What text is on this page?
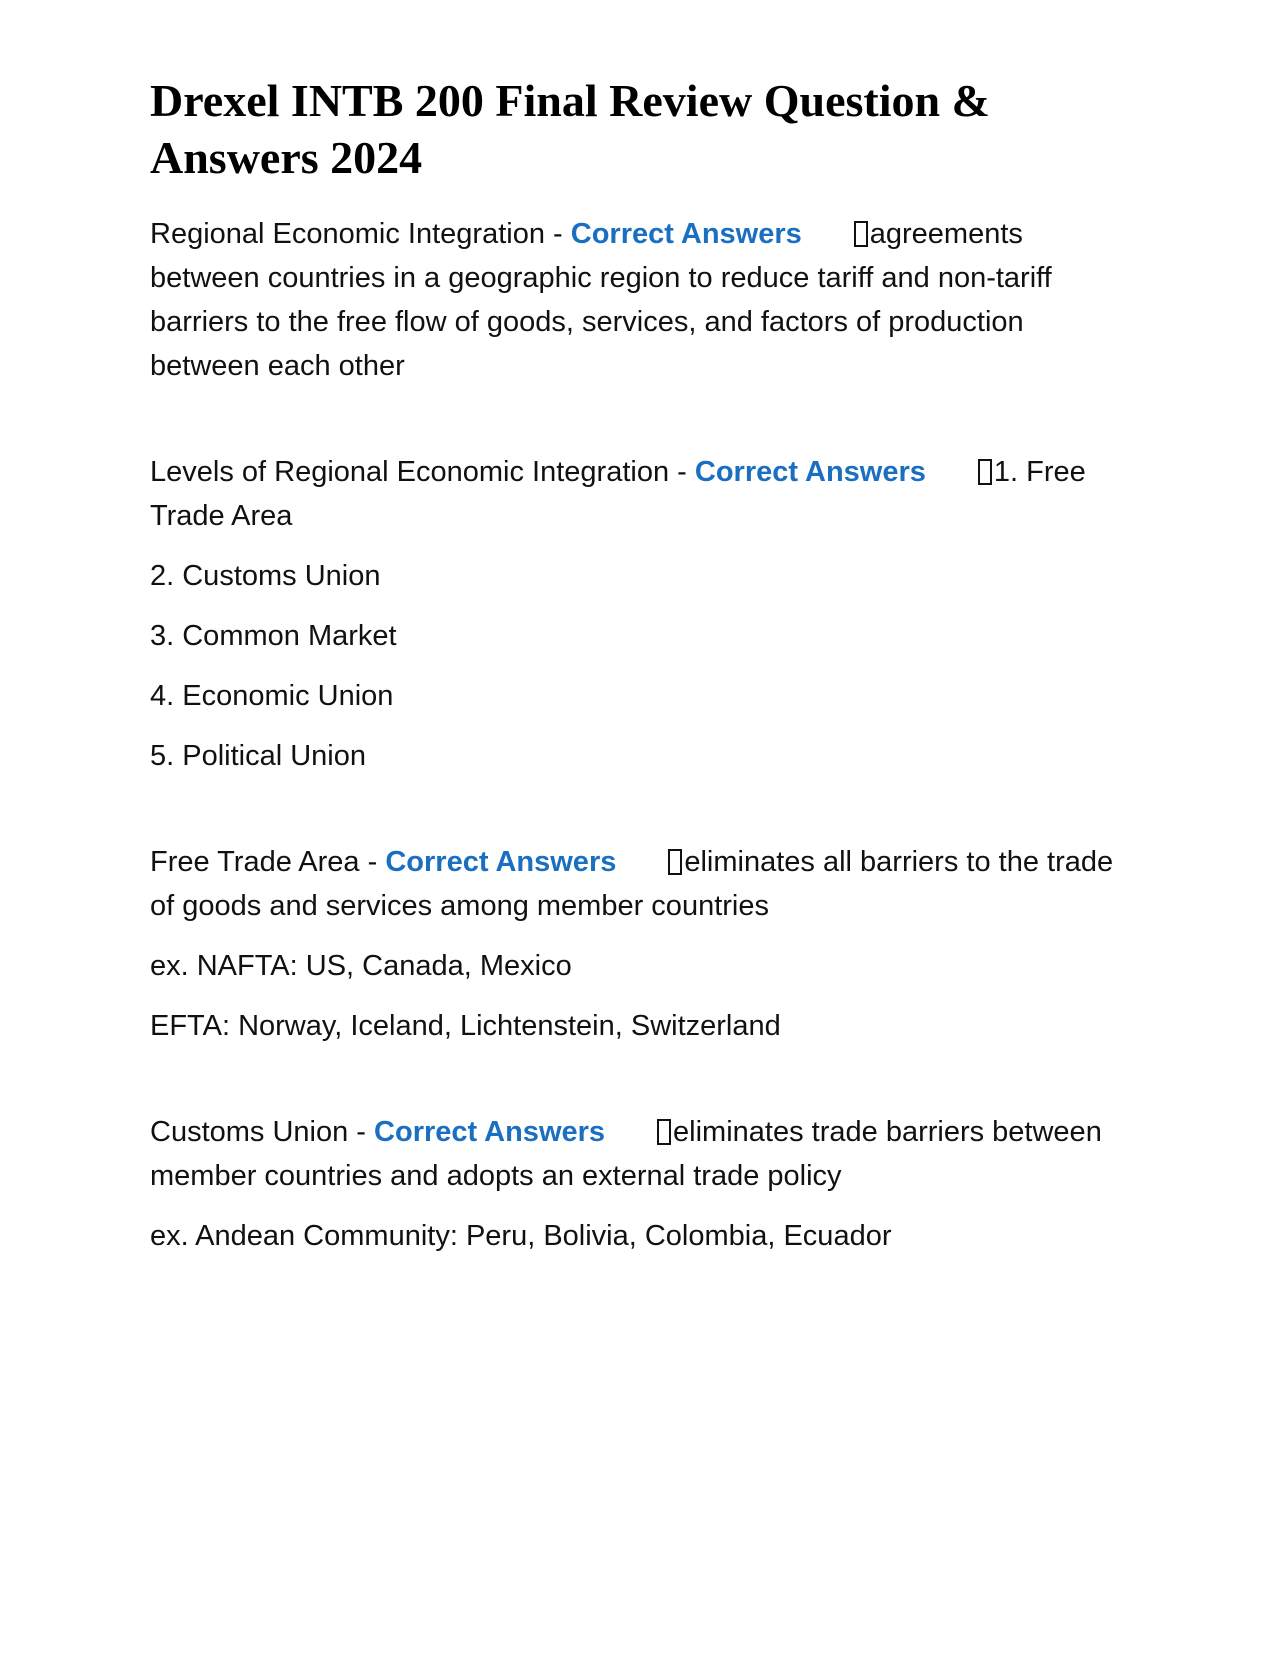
Drexel INTB 200 Final Review Question & Answers 2024

Regional Economic Integration - Correct Answers agreements between countries in a geographic region to reduce tariff and non-tariff barriers to the free flow of goods, services, and factors of production between each other

Levels of Regional Economic Integration - Correct Answers 1. Free Trade Area

2. Customs Union

3. Common Market

4. Economic Union

5. Political Union

Free Trade Area - Correct Answers eliminates all barriers to the trade of goods and services among member countries

ex. NAFTA: US, Canada, Mexico

EFTA: Norway, Iceland, Lichtenstein, Switzerland

Customs Union - Correct Answers eliminates trade barriers between member countries and adopts an external trade policy

ex. Andean Community: Peru, Bolivia, Colombia, Ecuador
